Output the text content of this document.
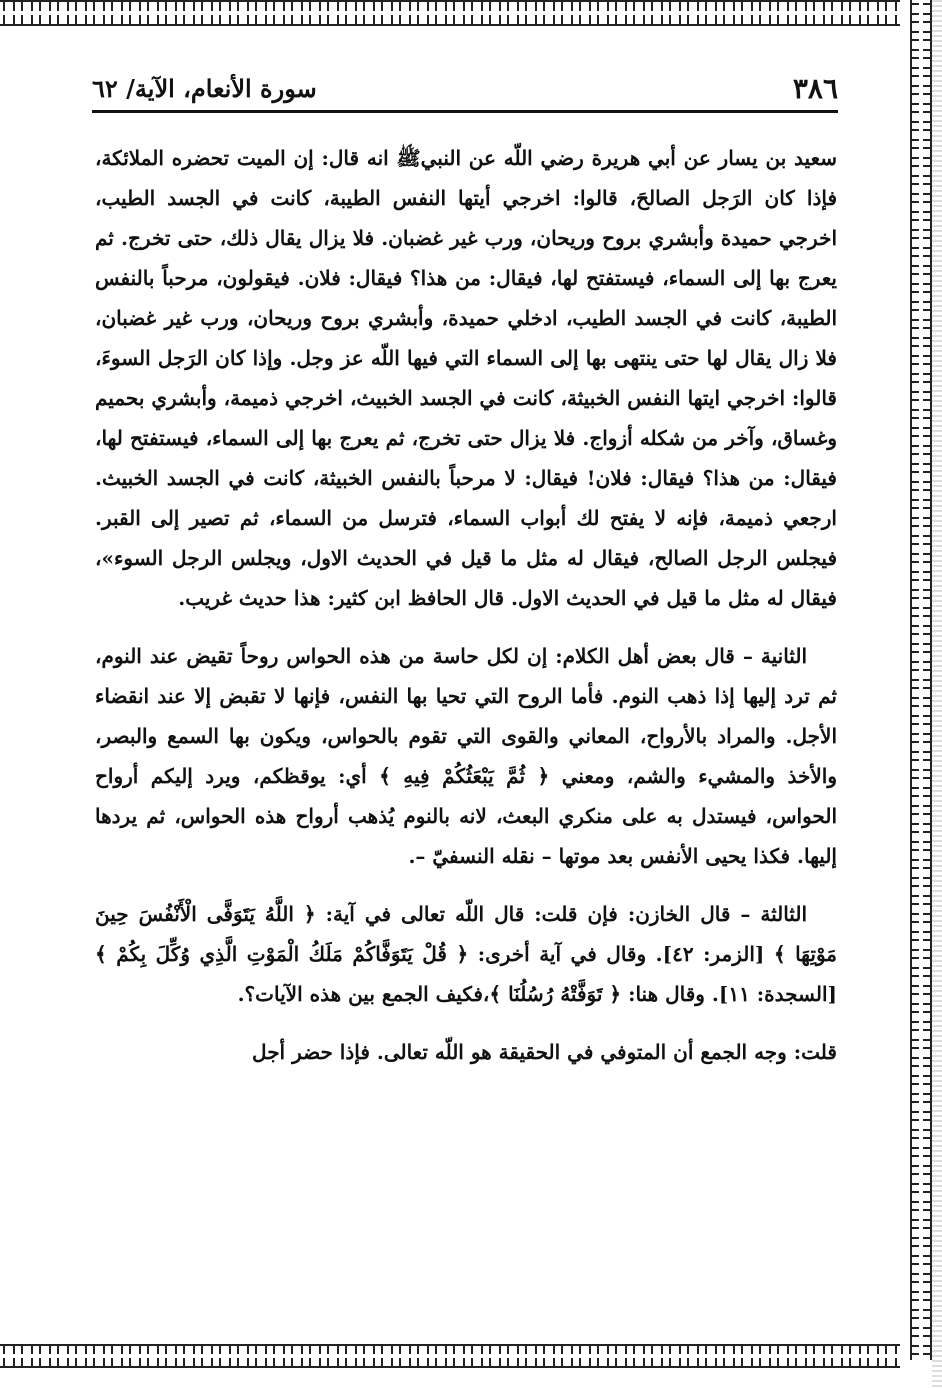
٣٨٦
سورة الأنعام، الآية/ ٦٢

سعيد بن يسار عن أبي هريرة رضي اللّه عن النبيﷺ انه قال: إن الميت تحضره الملائكة، فإذا كان الرَجل الصالحَ، قالوا: اخرجي أيتها النفس الطيبة، كانت في الجسد الطيب، اخرجي حميدة وأبشري بروح وريحان، ورب غير غضبان. فلا يزال يقال ذلك، حتى تخرج. ثم يعرج بها إلى السماء، فيستفتح لها، فيقال: من هذا؟ فيقال: فلان. فيقولون، مرحباً بالنفس الطيبة، كانت في الجسد الطيب، ادخلي حميدة، وأبشري بروح وريحان، ورب غير غضبان، فلا زال يقال لها حتى ينتهى بها إلى السماء التي فيها اللّه عز وجل. وإذا كان الرَجل السوءَ، قالوا: اخرجي ايتها النفس الخبيثة، كانت في الجسد الخبيث، اخرجي ذميمة، وأبشري بحميم وغساق، وآخر من شكله أزواج. فلا يزال حتى تخرج، ثم يعرج بها إلى السماء، فيستفتح لها، فيقال: من هذا؟ فيقال: فلان! فيقال: لا مرحباً بالنفس الخبيثة، كانت في الجسد الخبيث. ارجعي ذميمة، فإنه لا يفتح لك أبواب السماء، فترسل من السماء، ثم تصير إلى القبر. فيجلس الرجل الصالح، فيقال له مثل ما قيل في الحديث الاول، ويجلس الرجل السوء»، فيقال له مثل ما قيل في الحديث الاول. قال الحافظ ابن كثير: هذا حديث غريب.

الثانية – قال بعض أهل الكلام: إن لكل حاسة من هذه الحواس روحاً تقيض عند النوم، ثم ترد إليها إذا ذهب النوم. فأما الروح التي تحيا بها النفس، فإنها لا تقبض إلا عند انقضاء الأجل. والمراد بالأرواح، المعاني والقوى التي تقوم بالحواس، ويكون بها السمع والبصر، والأخذ والمشيء والشم، ومعني ﴿ ثُمَّ يَبْعَثُكُمْ فِيهِ ﴾ أي: يوقظكم، ويرد إليكم أرواح الحواس، فيستدل به على منكري البعث، لانه بالنوم يُذهب أرواح هذه الحواس، ثم يردها إليها. فكذا يحيى الأنفس بعد موتها – نقله النسفيّ –.

الثالثة – قال الخازن: فإن قلت: قال اللّه تعالى في آية: ﴿ اللَّهُ يَتَوَفَّى الْأَنْفُسَ حِينَ مَوْتِهَا ﴾ [الزمر: ٤٢]. وقال في آية أخرى: ﴿ قُلْ يَتَوَفَّاكُمْ مَلَكُ الْمَوْتِ الَّذِي وُكِّلَ بِكُمْ ﴾ [السجدة: ١١]. وقال هنا: ﴿ تَوَفَّتْهُ رُسُلُنَا ﴾،فكيف الجمع بين هذه الآيات؟.

قلت: وجه الجمع أن المتوفي في الحقيقة هو اللّه تعالى. فإذا حضر أجل
